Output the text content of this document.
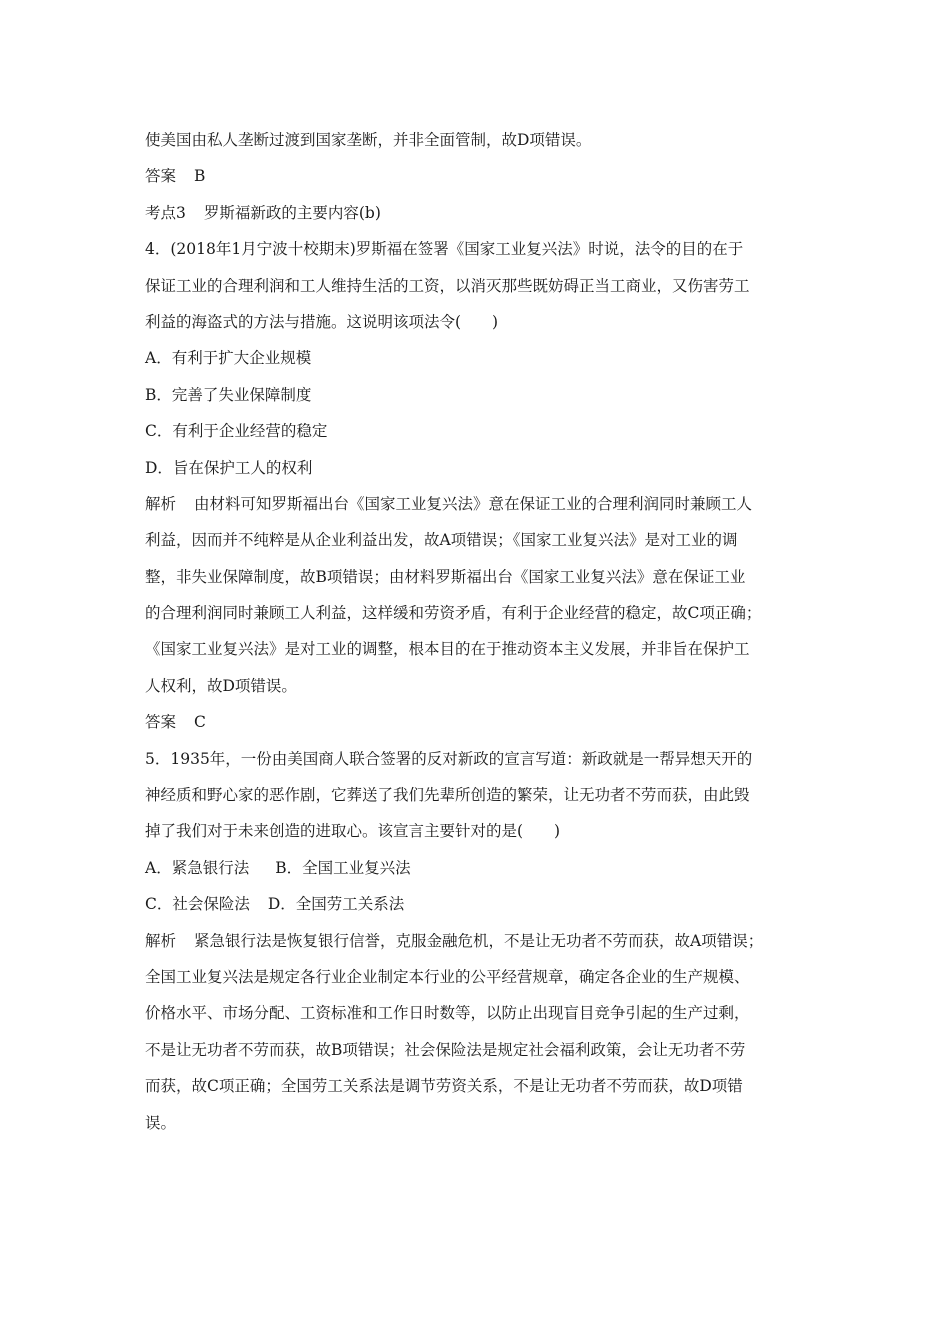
使美国由私人垄断过渡到国家垄断，并非全面管制，故D项错误。
答案 B
考点3 罗斯福新政的主要内容(b)
4．(2018年1月宁波十校期末)罗斯福在签署《国家工业复兴法》时说，法令的目的在于
保证工业的合理利润和工人维持生活的工资，以消灭那些既妨碍正当工商业，又伤害劳工
利益的海盗式的方法与措施。这说明该项法令(　　)
A．有利于扩大企业规模
B．完善了失业保障制度
C．有利于企业经营的稳定
D．旨在保护工人的权利
解析 由材料可知罗斯福出台《国家工业复兴法》意在保证工业的合理利润同时兼顾工人
利益，因而并不纯粹是从企业利益出发，故A项错误；《国家工业复兴法》是对工业的调
整，非失业保障制度，故B项错误；由材料罗斯福出台《国家工业复兴法》意在保证工业
的合理利润同时兼顾工人利益，这样缓和劳资矛盾，有利于企业经营的稳定，故C项正确；
《国家工业复兴法》是对工业的调整，根本目的在于推动资本主义发展，并非旨在保护工
人权利，故D项错误。
答案 C
5．1935年，一份由美国商人联合签署的反对新政的宣言写道：新政就是一帮异想天开的
神经质和野心家的恶作剧，它葬送了我们先辈所创造的繁荣，让无功者不劳而获，由此毁
掉了我们对于未来创造的进取心。该宣言主要针对的是(　　)
A．紧急银行法 B．全国工业复兴法
C．社会保险法 D．全国劳工关系法
解析 紧急银行法是恢复银行信誉，克服金融危机，不是让无功者不劳而获，故A项错误；
全国工业复兴法是规定各行业企业制定本行业的公平经营规章，确定各企业的生产规模、
价格水平、市场分配、工资标准和工作日时数等，以防止出现盲目竞争引起的生产过剩，
不是让无功者不劳而获，故B项错误；社会保险法是规定社会福利政策，会让无功者不劳
而获，故C项正确；全国劳工关系法是调节劳资关系，不是让无功者不劳而获，故D项错
误。
